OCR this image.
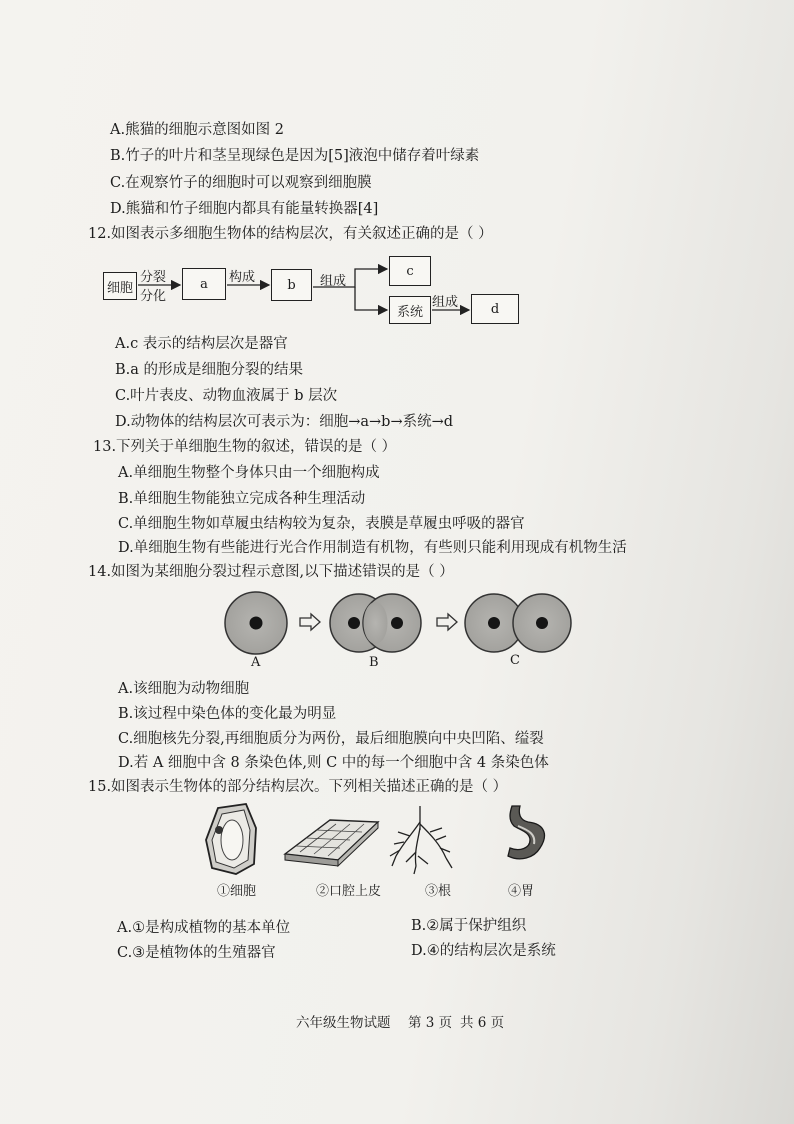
A.熊猫的细胞示意图如图 2
B.竹子的叶片和茎呈现绿色是因为[5]液泡中储存着叶绿素
C.在观察竹子的细胞时可以观察到细胞膜
D.熊猫和竹子细胞内都具有能量转换器[4]
12.如图表示多细胞生物体的结构层次，有关叙述正确的是（ ）
细胞
分裂
分化
a	构成	b	组成
c
系统
组成	d
A.c 表示的结构层次是器官
B.a 的形成是细胞分裂的结果
C.叶片表皮、动物血液属于 b 层次
D.动物体的结构层次可表示为：细胞→a→b→系统→d
13.下列关于单细胞生物的叙述，错误的是（ ）
A.单细胞生物整个身体只由一个细胞构成
B.单细胞生物能独立完成各种生理活动
C.单细胞生物如草履虫结构较为复杂，表膜是草履虫呼吸的器官
D.单细胞生物有些能进行光合作用制造有机物，有些则只能利用现成有机物生活
14.如图为某细胞分裂过程示意图,以下描述错误的是（ ）
A	B	C
A.该细胞为动物细胞
B.该过程中染色体的变化最为明显
C.细胞核先分裂,再细胞质分为两份，最后细胞膜向中央凹陷、缢裂
D.若 A 细胞中含 8 条染色体,则 C 中的每一个细胞中含 4 条染色体
15.如图表示生物体的部分结构层次。下列相关描述正确的是（ ）
①细胞	②口腔上皮	③根	④胃
A.①是构成植物的基本单位	B.②属于保护组织
C.③是植物体的生殖器官	D.④的结构层次是系统
六年级生物试题 第 3 页 共 6 页
